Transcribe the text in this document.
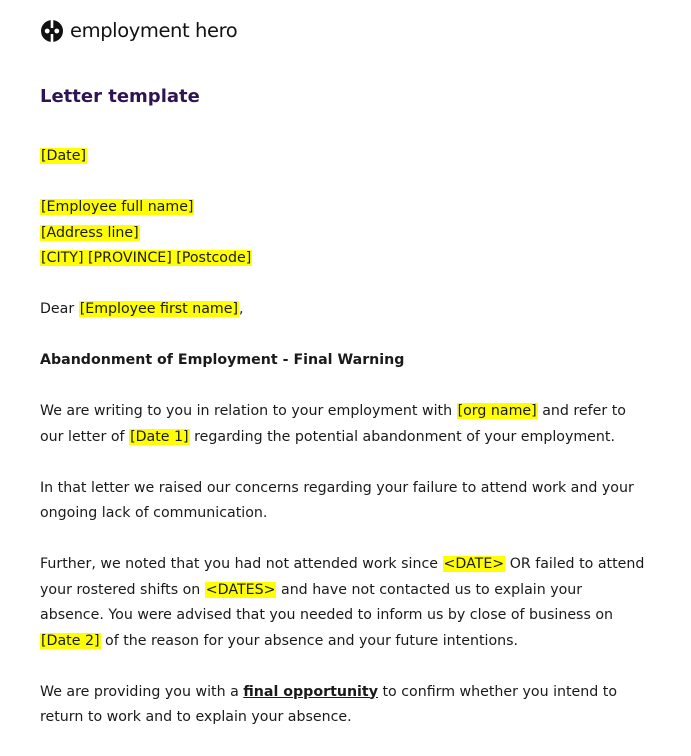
employment hero
Letter template

[Date]

[Employee full name]
[Address line]
[CITY] [PROVINCE] [Postcode]

Dear [Employee first name],

Abandonment of Employment - Final Warning

We are writing to you in relation to your employment with [org name] and refer to our letter of [Date 1] regarding the potential abandonment of your employment.

In that letter we raised our concerns regarding your failure to attend work and your ongoing lack of communication.

Further, we noted that you had not attended work since <DATE> OR failed to attend your rostered shifts on <DATES> and have not contacted us to explain your absence. You were advised that you needed to inform us by close of business on [Date 2] of the reason for your absence and your future intentions.

We are providing you with a final opportunity to confirm whether you intend to return to work and to explain your absence.
